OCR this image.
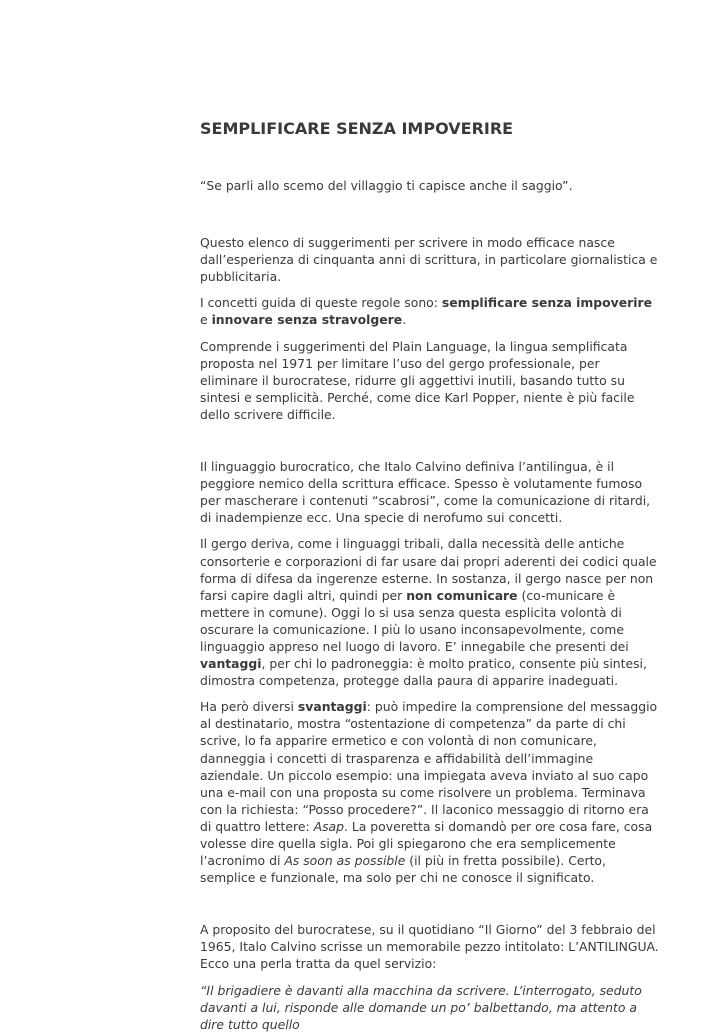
SEMPLIFICARE SENZA IMPOVERIRE

“Se parli allo scemo del villaggio ti capisce anche il saggio”.

Questo elenco di suggerimenti per scrivere in modo efficace nasce dall’esperienza di cinquanta anni di scrittura, in particolare giornalistica e pubblicitaria.

I concetti guida di queste regole sono: semplificare senza impoverire e innovare senza stravolgere.

Comprende i suggerimenti del Plain Language, la lingua semplificata proposta nel 1971 per limitare l’uso del gergo professionale, per eliminare il burocratese, ridurre gli aggettivi inutili, basando tutto su sintesi e semplicità. Perché, come dice Karl Popper, niente è più facile dello scrivere difficile.

Il linguaggio burocratico, che Italo Calvino definiva l’antilingua, è il peggiore nemico della scrittura efficace. Spesso è volutamente fumoso per mascherare i contenuti “scabrosi”, come la comunicazione di ritardi, di inadempienze ecc. Una specie di nerofumo sui concetti.

Il gergo deriva, come i linguaggi tribali, dalla necessità delle antiche consorterie e corporazioni di far usare dai propri aderenti dei codici quale forma di difesa da ingerenze esterne. In sostanza, il gergo nasce per non farsi capire dagli altri, quindi per non comunicare (co-municare è mettere in comune). Oggi lo si usa senza questa esplicita volontà di oscurare la comunicazione. I più lo usano inconsapevolmente, come linguaggio appreso nel luogo di lavoro. E’ innegabile che presenti dei vantaggi, per chi lo padroneggia: è molto pratico, consente più sintesi, dimostra competenza, protegge dalla paura di apparire inadeguati.

Ha però diversi svantaggi: può impedire la comprensione del messaggio al destinatario, mostra “ostentazione di competenza” da parte di chi scrive, lo fa apparire ermetico e con volontà di non comunicare, danneggia i concetti di trasparenza e affidabilità dell’immagine aziendale. Un piccolo esempio: una impiegata aveva inviato al suo capo una e-mail con una proposta su come risolvere un problema. Terminava con la richiesta: “Posso procedere?”. Il laconico messaggio di ritorno era di quattro lettere: Asap. La poveretta si domandò per ore cosa fare, cosa volesse dire quella sigla. Poi gli spiegarono che era semplicemente l’acronimo di As soon as possible (il più in fretta possibile). Certo, semplice e funzionale, ma solo per chi ne conosce il significato.

A proposito del burocratese, su il quotidiano “Il Giorno” del 3 febbraio del 1965, Italo Calvino scrisse un memorabile pezzo intitolato: L’ANTILINGUA. Ecco una perla tratta da quel servizio:

“Il brigadiere è davanti alla macchina da scrivere. L’interrogato, seduto davanti a lui, risponde alle domande un po’ balbettando, ma attento a dire tutto quello
